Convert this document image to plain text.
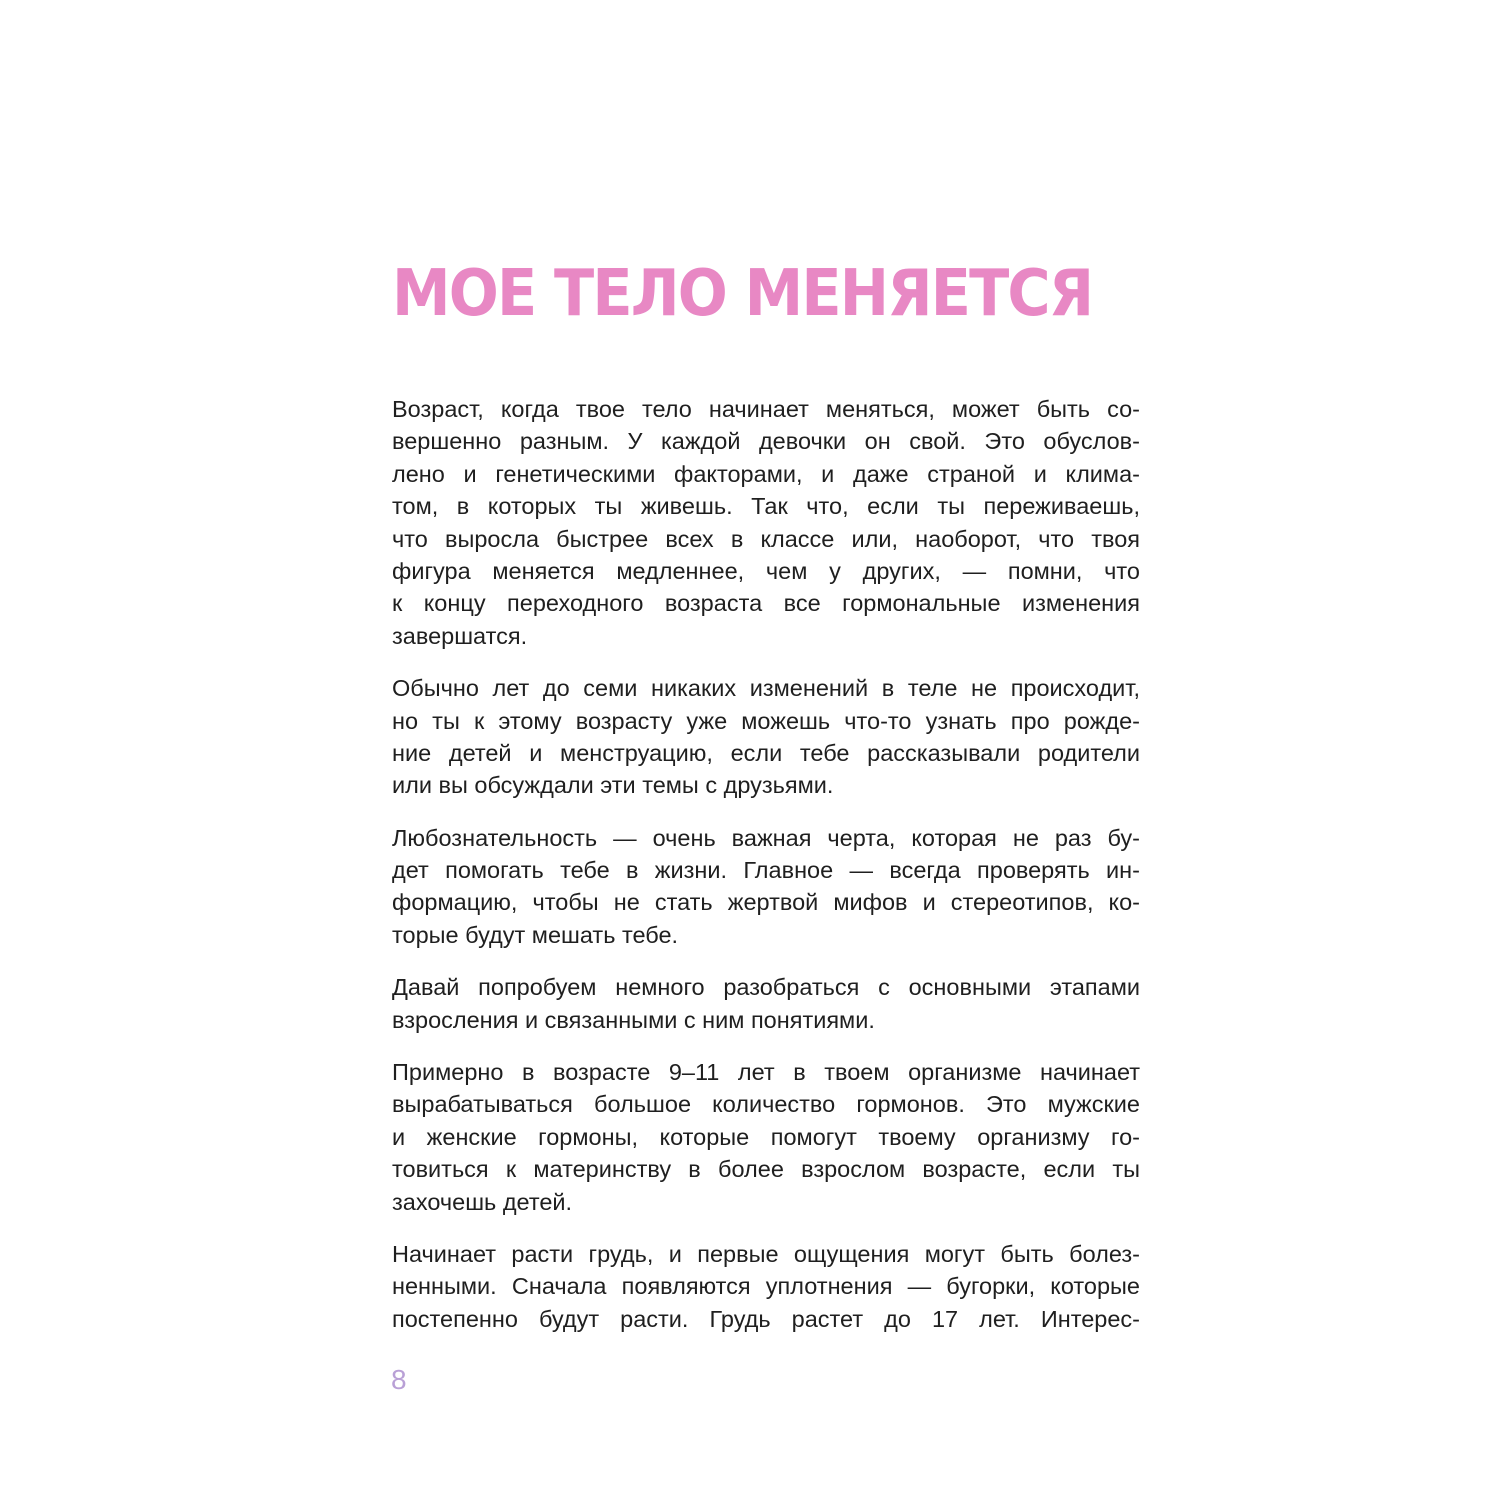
МОЕ ТЕЛО МЕНЯЕТСЯ

Возраст, когда твое тело начинает меняться, может быть со-
вершенно разным. У каждой девочки он свой. Это обуслов-
лено и генетическими факторами, и даже страной и клима-
том, в которых ты живешь. Так что, если ты переживаешь,
что выросла быстрее всех в классе или, наоборот, что твоя
фигура меняется медленнее, чем у других, — помни, что
к концу переходного возраста все гормональные изменения
завершатся.

Обычно лет до семи никаких изменений в теле не происходит,
но ты к этому возрасту уже можешь что-то узнать про рожде-
ние детей и менструацию, если тебе рассказывали родители
или вы обсуждали эти темы с друзьями.

Любознательность — очень важная черта, которая не раз бу-
дет помогать тебе в жизни. Главное — всегда проверять ин-
формацию, чтобы не стать жертвой мифов и стереотипов, ко-
торые будут мешать тебе.

Давай попробуем немного разобраться с основными этапами
взросления и связанными с ним понятиями.

Примерно в возрасте 9–11 лет в твоем организме начинает
вырабатываться большое количество гормонов. Это мужские
и женские гормоны, которые помогут твоему организму го-
товиться к материнству в более взрослом возрасте, если ты
захочешь детей.

Начинает расти грудь, и первые ощущения могут быть болез-
ненными. Сначала появляются уплотнения — бугорки, которые
постепенно будут расти. Грудь растет до 17 лет. Интерес-

8
